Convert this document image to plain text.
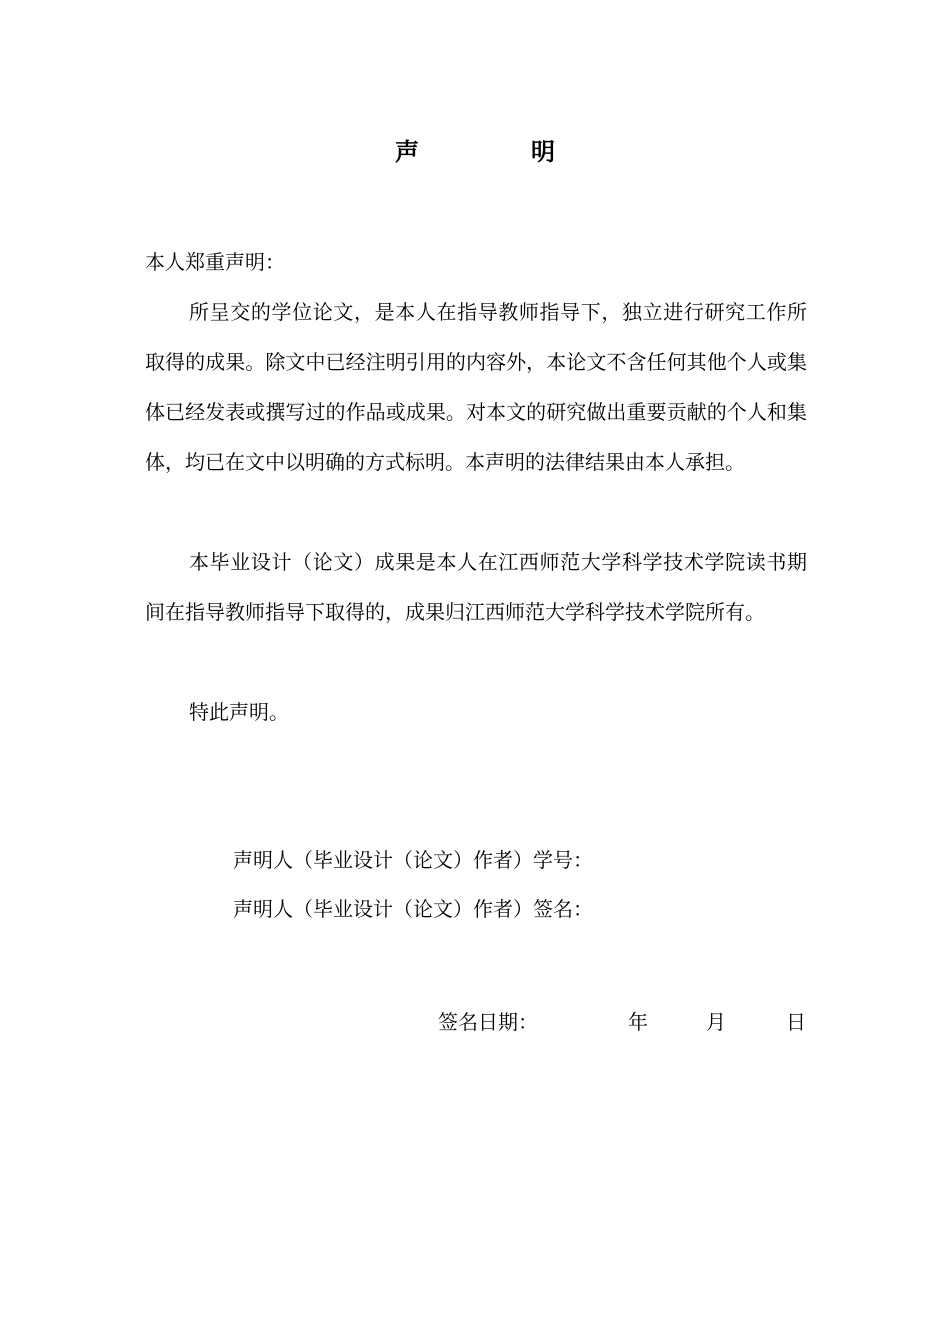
声　明
本人郑重声明：
所呈交的学位论文，是本人在指导教师指导下，独立进行研究工作所取得的成果。除文中已经注明引用的内容外，本论文不含任何其他个人或集体已经发表或撰写过的作品或成果。对本文的研究做出重要贡献的个人和集体，均已在文中以明确的方式标明。本声明的法律结果由本人承担。
本毕业设计（论文）成果是本人在江西师范大学科学技术学院读书期间在指导教师指导下取得的，成果归江西师范大学科学技术学院所有。
特此声明。
声明人（毕业设计（论文）作者）学号：
声明人（毕业设计（论文）作者）签名：
签名日期：	年	月	日
